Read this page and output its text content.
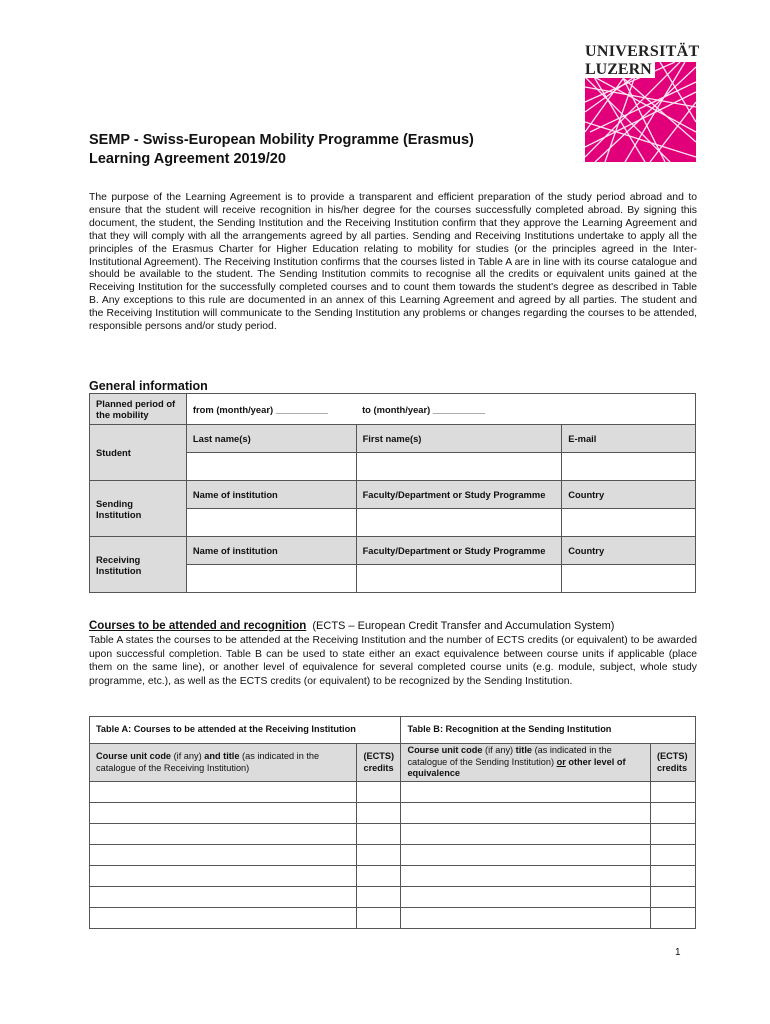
UNIVERSITÄT
LUZERN
SEMP - Swiss-European Mobility Programme (Erasmus)
Learning Agreement 2019/20
The purpose of the Learning Agreement is to provide a transparent and efficient preparation of the study period abroad and to ensure that the student will receive recognition in his/her degree for the courses successfully completed abroad. By signing this document, the student, the Sending Institution and the Receiving Institution confirm that they approve the Learning Agreement and that they will comply with all the arrangements agreed by all parties. Sending and Receiving Institutions undertake to apply all the principles of the Erasmus Charter for Higher Education relating to mobility for studies (or the principles agreed in the Inter-Institutional Agreement). The Receiving Institution confirms that the courses listed in Table A are in line with its course catalogue and should be available to the student. The Sending Institution commits to recognise all the credits or equivalent units gained at the Receiving Institution for the successfully completed courses and to count them towards the student's degree as described in Table B. Any exceptions to this rule are documented in an annex of this Learning Agreement and agreed by all parties. The student and the Receiving Institution will communicate to the Sending Institution any problems or changes regarding the courses to be attended, responsible persons and/or study period.
General information
Planned period of the mobility	from (month/year) __________	to (month/year) __________	
Student	Last name(s)	First name(s)	E-mail

Sending Institution	Name of institution	Faculty/Department or Study Programme	Country

Receiving Institution	Name of institution	Faculty/Department or Study Programme	Country

Courses to be attended and recognition (ECTS – European Credit Transfer and Accumulation System)
Table A states the courses to be attended at the Receiving Institution and the number of ECTS credits (or equivalent) to be awarded upon successful completion. Table B can be used to state either an exact equivalence between course units if applicable (place them on the same line), or another level of equivalence for several completed course units (e.g. module, subject, whole study programme, etc.), as well as the ECTS credits (or equivalent) to be recognized by the Sending Institution.
Table A: Courses to be attended at the Receiving Institution		Table B: Recognition at the Sending Institution	
Course unit code (if any) and title (as indicated in the catalogue of the Receiving Institution)	(ECTS) credits	Course unit code (if any) title (as indicated in the catalogue of the Sending Institution) or other level of equivalence	(ECTS) credits

1
